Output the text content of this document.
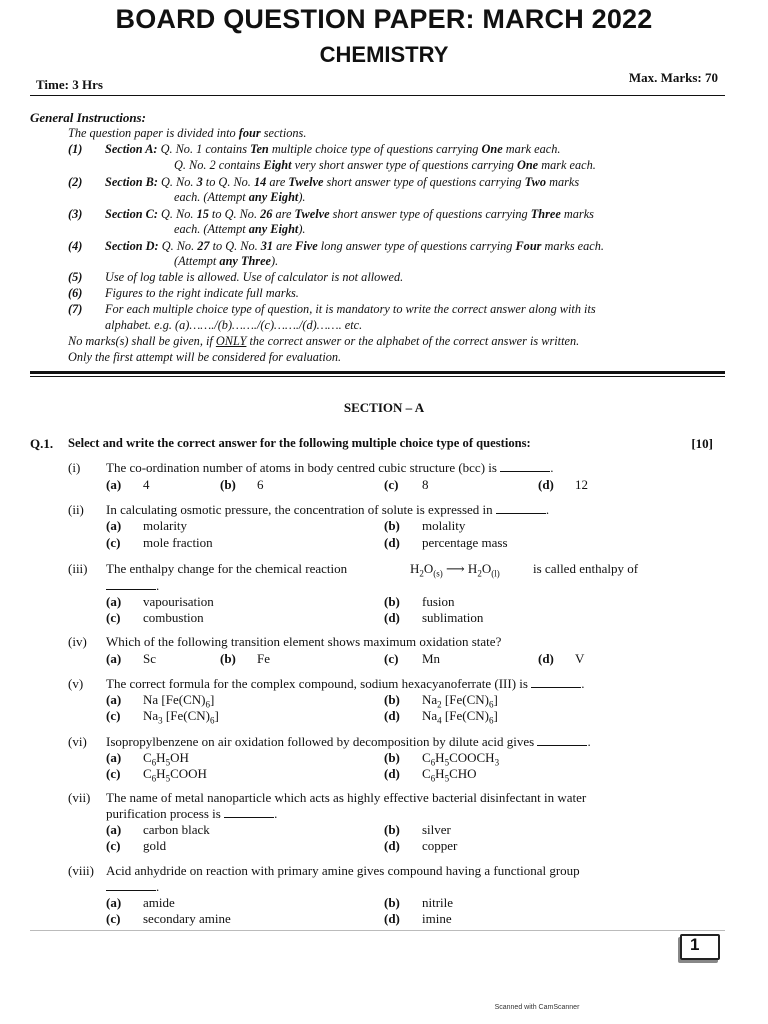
BOARD QUESTION PAPER: MARCH 2022
CHEMISTRY
Time: 3 Hrs	Max. Marks: 70
General Instructions:
The question paper is divided into four sections.
(1) Section A: Q. No. 1 contains Ten multiple choice type of questions carrying One mark each.
Q. No. 2 contains Eight very short answer type of questions carrying One mark each.
(2) Section B: Q. No. 3 to Q. No. 14 are Twelve short answer type of questions carrying Two marks
each. (Attempt any Eight).
(3) Section C: Q. No. 15 to Q. No. 26 are Twelve short answer type of questions carrying Three marks
each. (Attempt any Eight).
(4) Section D: Q. No. 27 to Q. No. 31 are Five long answer type of questions carrying Four marks each.
(Attempt any Three).
(5) Use of log table is allowed. Use of calculator is not allowed.
(6) Figures to the right indicate full marks.
(7) For each multiple choice type of question, it is mandatory to write the correct answer along with its
alphabet. e.g. (a)……./(b)……./(c)……./(d)……. etc.
No marks(s) shall be given, if ONLY the correct answer or the alphabet of the correct answer is written.
Only the first attempt will be considered for evaluation.
SECTION – A
Q.1. Select and write the correct answer for the following multiple choice type of questions:	[10]
(i) The co-ordination number of atoms in body centred cubic structure (bcc) is	.
(a) 4	(b) 6	(c) 8	(d) 12
(ii) In calculating osmotic pressure, the concentration of solute is expressed in	.
(a) molarity	(b) molality
(c) mole fraction	(d) percentage mass
(iii) The enthalpy change for the chemical reaction	$H_2O_{(s)}$ ⟶ $H_2O_{(l)}$	is called enthalpy of
.
(a) vapourisation	(b) fusion
(c) combustion	(d) sublimation
(iv) Which of the following transition element shows maximum oxidation state?
(a) Sc	(b) Fe	(c) Mn	(d) V
(v) The correct formula for the complex compound, sodium hexacyanoferrate (III) is	.
(a) Na $[Fe(CN)_6]$	(b) $Na_2$ $[Fe(CN)_6]$
(c) $Na_3$ $[Fe(CN)_6]$	(d) $Na_4$ $[Fe(CN)_6]$
(vi) Isopropylbenzene on air oxidation followed by decomposition by dilute acid gives	.
(a) $C_6H_5OH$	(b) $C_6H_5COOCH_3$
(c) $C_6H_5COOH$	(d) $C_6H_5CHO$
(vii) The name of metal nanoparticle which acts as highly effective bacterial disinfectant in water
purification process is	.
(a) carbon black	(b) silver
(c) gold	(d) copper
(viii) Acid anhydride on reaction with primary amine gives compound having a functional group
.
(a) amide	(b) nitrile
(c) secondary amine	(d) imine
1
Scanned with CamScanner
